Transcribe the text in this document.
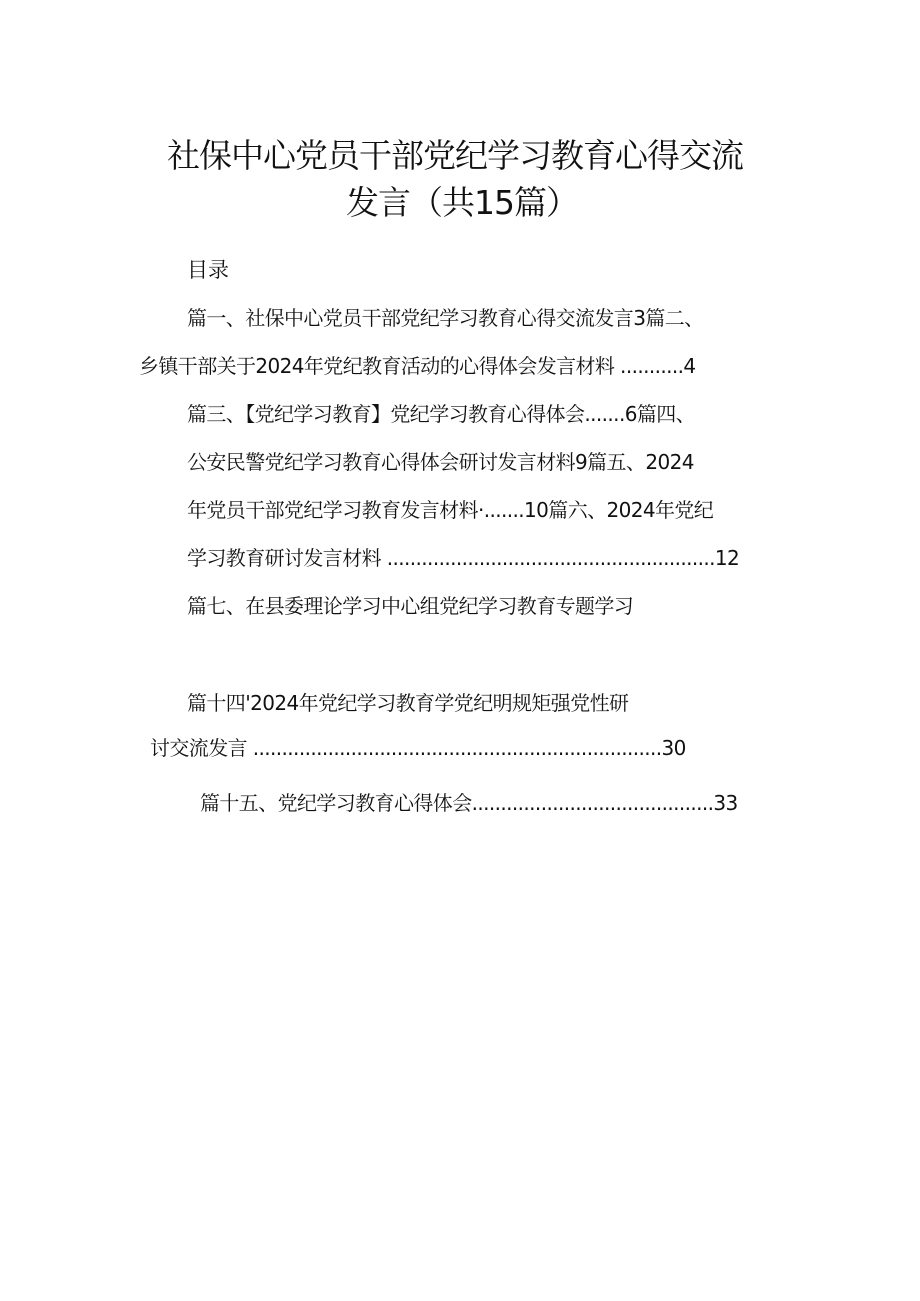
社保中心党员干部党纪学习教育心得交流
发言（共15篇）
目录
篇一、社保中心党员干部党纪学习教育心得交流发言3篇二、
乡镇干部关于2024年党纪教育活动的心得体会发言材料 ...........4
篇三、【党纪学习教育】党纪学习教育心得体会.......6篇四、
公安民警党纪学习教育心得体会研讨发言材料9篇五、2024
年党员干部党纪学习教育发言材料·.......10篇六、2024年党纪
学习教育研讨发言材料 .........................................................12
篇七、在县委理论学习中心组党纪学习教育专题学习
篇十四'2024年党纪学习教育学党纪明规矩强党性研
讨交流发言 .......................................................................30
篇十五、党纪学习教育心得体会..........................................33
